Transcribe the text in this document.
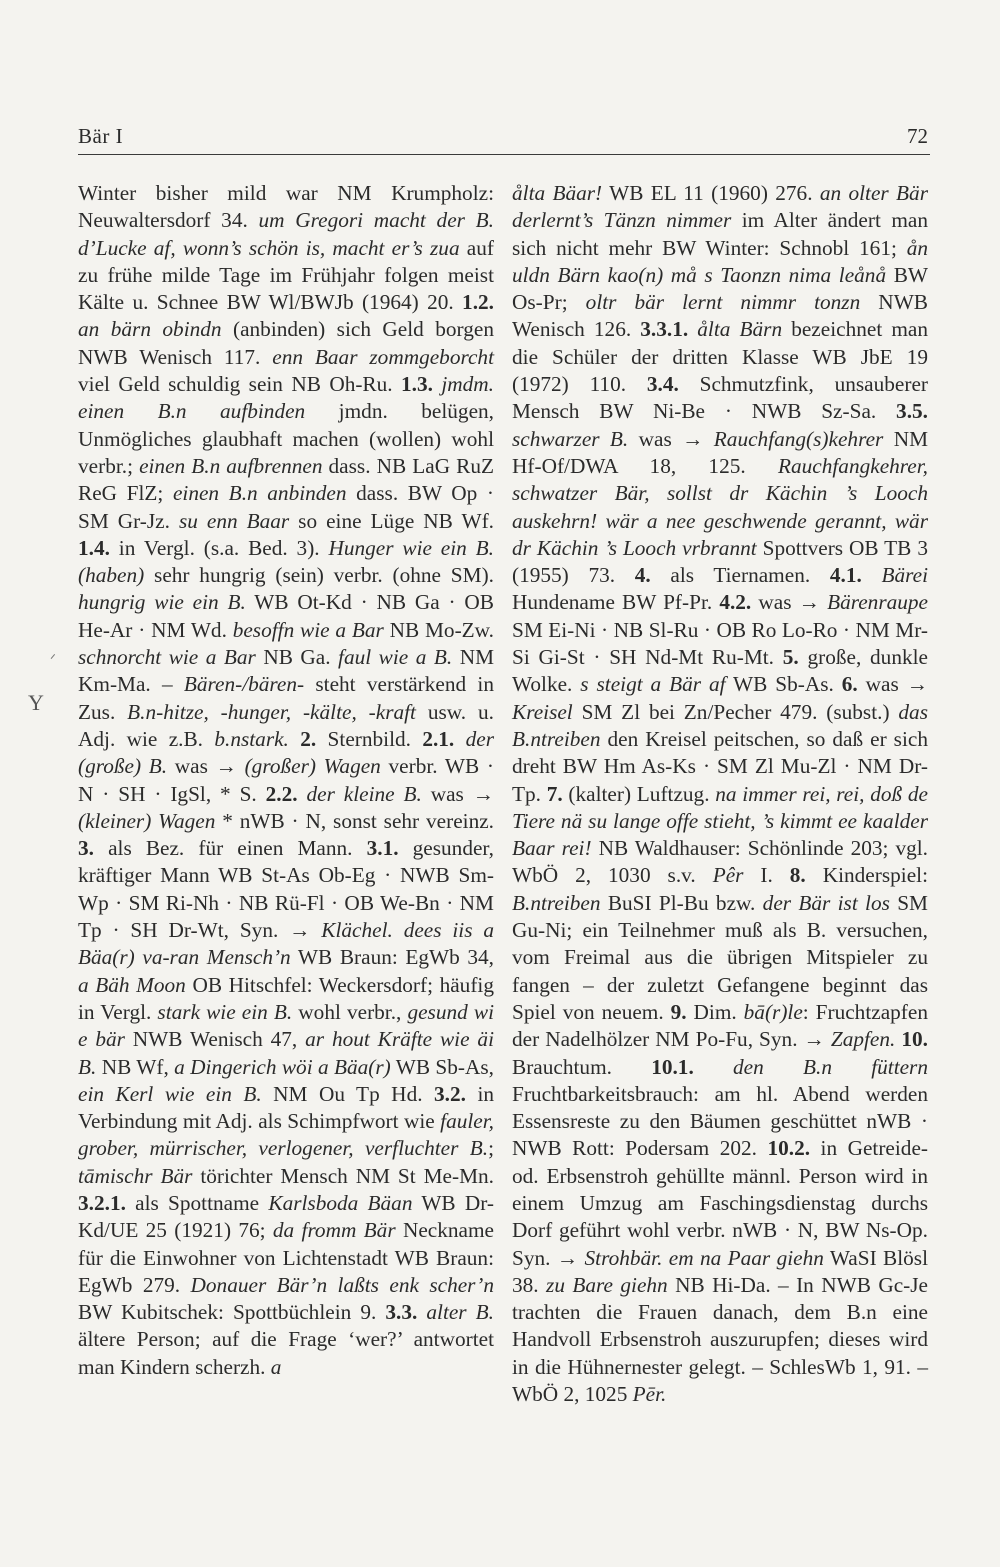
Bär I	72
Y
ᐟ
Winter bisher mild war NM Krumpholz: Neuwaltersdorf 34. um Gregori macht der B. d’Lucke af, wonn’s schön is, macht er’s zua auf zu frühe milde Tage im Frühjahr folgen meist Kälte u. Schnee BW Wl/BWJb (1964) 20. 1.2. an bärn obindn (anbinden) sich Geld borgen NWB Wenisch 117. enn Baar zommgeborcht viel Geld schuldig sein NB Oh-Ru. 1.3. jmdm. einen B.n aufbinden jmdn. belügen, Unmögliches glaubhaft machen (wollen) wohl verbr.; einen B.n aufbrennen dass. NB LaG RuZ ReG FlZ; einen B.n anbinden dass. BW Op · SM Gr-Jz. su enn Baar so eine Lüge NB Wf. 1.4. in Vergl. (s.a. Bed. 3). Hunger wie ein B. (haben) sehr hungrig (sein) verbr. (ohne SM). hungrig wie ein B. WB Ot-Kd · NB Ga · OB He-Ar · NM Wd. besoffn wie a Bar NB Mo-Zw. schnorcht wie a Bar NB Ga. faul wie a B. NM Km-Ma. – Bären-/bären- steht verstärkend in Zus. B.n-hitze, -hunger, -kälte, -kraft usw. u. Adj. wie z.B. b.nstark. 2. Sternbild. 2.1. der (große) B. was → (großer) Wagen verbr. WB · N · SH · IgSl, * S. 2.2. der kleine B. was → (kleiner) Wagen * nWB · N, sonst sehr vereinz. 3. als Bez. für einen Mann. 3.1. gesunder, kräftiger Mann WB St-As Ob-Eg · NWB Sm-Wp · SM Ri-Nh · NB Rü-Fl · OB We-Bn · NM Tp · SH Dr-Wt, Syn. → Klächel. dees iis a Bäa(r) va-ran Mensch’n WB Braun: EgWb 34, a Bäh Moon OB Hitschfel: Weckersdorf; häufig in Vergl. stark wie ein B. wohl verbr., gesund wi e bär NWB Wenisch 47, ar hout Kräfte wie äi B. NB Wf, a Dingerich wöi a Bäa(r) WB Sb-As, ein Kerl wie ein B. NM Ou Tp Hd. 3.2. in Verbindung mit Adj. als Schimpfwort wie fauler, grober, mürrischer, verlogener, verfluchter B.; tāmischr Bär törichter Mensch NM St Me-Mn. 3.2.1. als Spottname Karlsboda Bäan WB Dr-Kd/UE 25 (1921) 76; da fromm Bär Neckname für die Einwohner von Lichtenstadt WB Braun: EgWb 279. Donauer Bär’n laßts enk scher’n BW Kubitschek: Spottbüchlein 9. 3.3. alter B. ältere Person; auf die Frage ‘wer?’ antwortet man Kindern scherzh. a
ålta Bäar! WB EL 11 (1960) 276. an olter Bär derlernt’s Tänzn nimmer im Alter ändert man sich nicht mehr BW Winter: Schnobl 161; ån uldn Bärn kao(n) må s Taonzn nima leånå BW Os-Pr; oltr bär lernt nimmr tonzn NWB Wenisch 126. 3.3.1. ålta Bärn bezeichnet man die Schüler der dritten Klasse WB JbE 19 (1972) 110. 3.4. Schmutzfink, unsauberer Mensch BW Ni-Be · NWB Sz-Sa. 3.5. schwarzer B. was → Rauchfang(s)kehrer NM Hf-Of/DWA 18, 125. Rauchfangkehrer, schwatzer Bär, sollst dr Kächin ’s Looch auskehrn! wär a nee geschwende gerannt, wär dr Kächin ’s Looch vrbrannt Spottvers OB TB 3 (1955) 73. 4. als Tiernamen. 4.1. Bärei Hundename BW Pf-Pr. 4.2. was → Bärenraupe SM Ei-Ni · NB Sl-Ru · OB Ro Lo-Ro · NM Mr-Si Gi-St · SH Nd-Mt Ru-Mt. 5. große, dunkle Wolke. s steigt a Bär af WB Sb-As. 6. was → Kreisel SM Zl bei Zn/Pecher 479. (subst.) das B.ntreiben den Kreisel peitschen, so daß er sich dreht BW Hm As-Ks · SM Zl Mu-Zl · NM Dr-Tp. 7. (kalter) Luftzug. na immer rei, rei, doß de Tiere nä su lange offe stieht, ’s kimmt ee kaalder Baar rei! NB Waldhauser: Schönlinde 203; vgl. WbÖ 2, 1030 s.v. Pêr I. 8. Kinderspiel: B.ntreiben BuSI Pl-Bu bzw. der Bär ist los SM Gu-Ni; ein Teilnehmer muß als B. versuchen, vom Freimal aus die übrigen Mitspieler zu fangen – der zuletzt Gefangene beginnt das Spiel von neuem. 9. Dim. bā(r)le: Fruchtzapfen der Nadelhölzer NM Po-Fu, Syn. → Zapfen. 10. Brauchtum. 10.1. den B.n füttern Fruchtbarkeitsbrauch: am hl. Abend werden Essensreste zu den Bäumen geschüttet nWB · NWB Rott: Podersam 202. 10.2. in Getreide- od. Erbsenstroh gehüllte männl. Person wird in einem Umzug am Faschingsdienstag durchs Dorf geführt wohl verbr. nWB · N, BW Ns-Op. Syn. → Strohbär. em na Paar giehn WaSI Blösl 38. zu Bare giehn NB Hi-Da. – In NWB Gc-Je trachten die Frauen danach, dem B.n eine Handvoll Erbsenstroh auszurupfen; dieses wird in die Hühnernester gelegt. – SchlesWb 1, 91. – WbÖ 2, 1025 Pēr.
